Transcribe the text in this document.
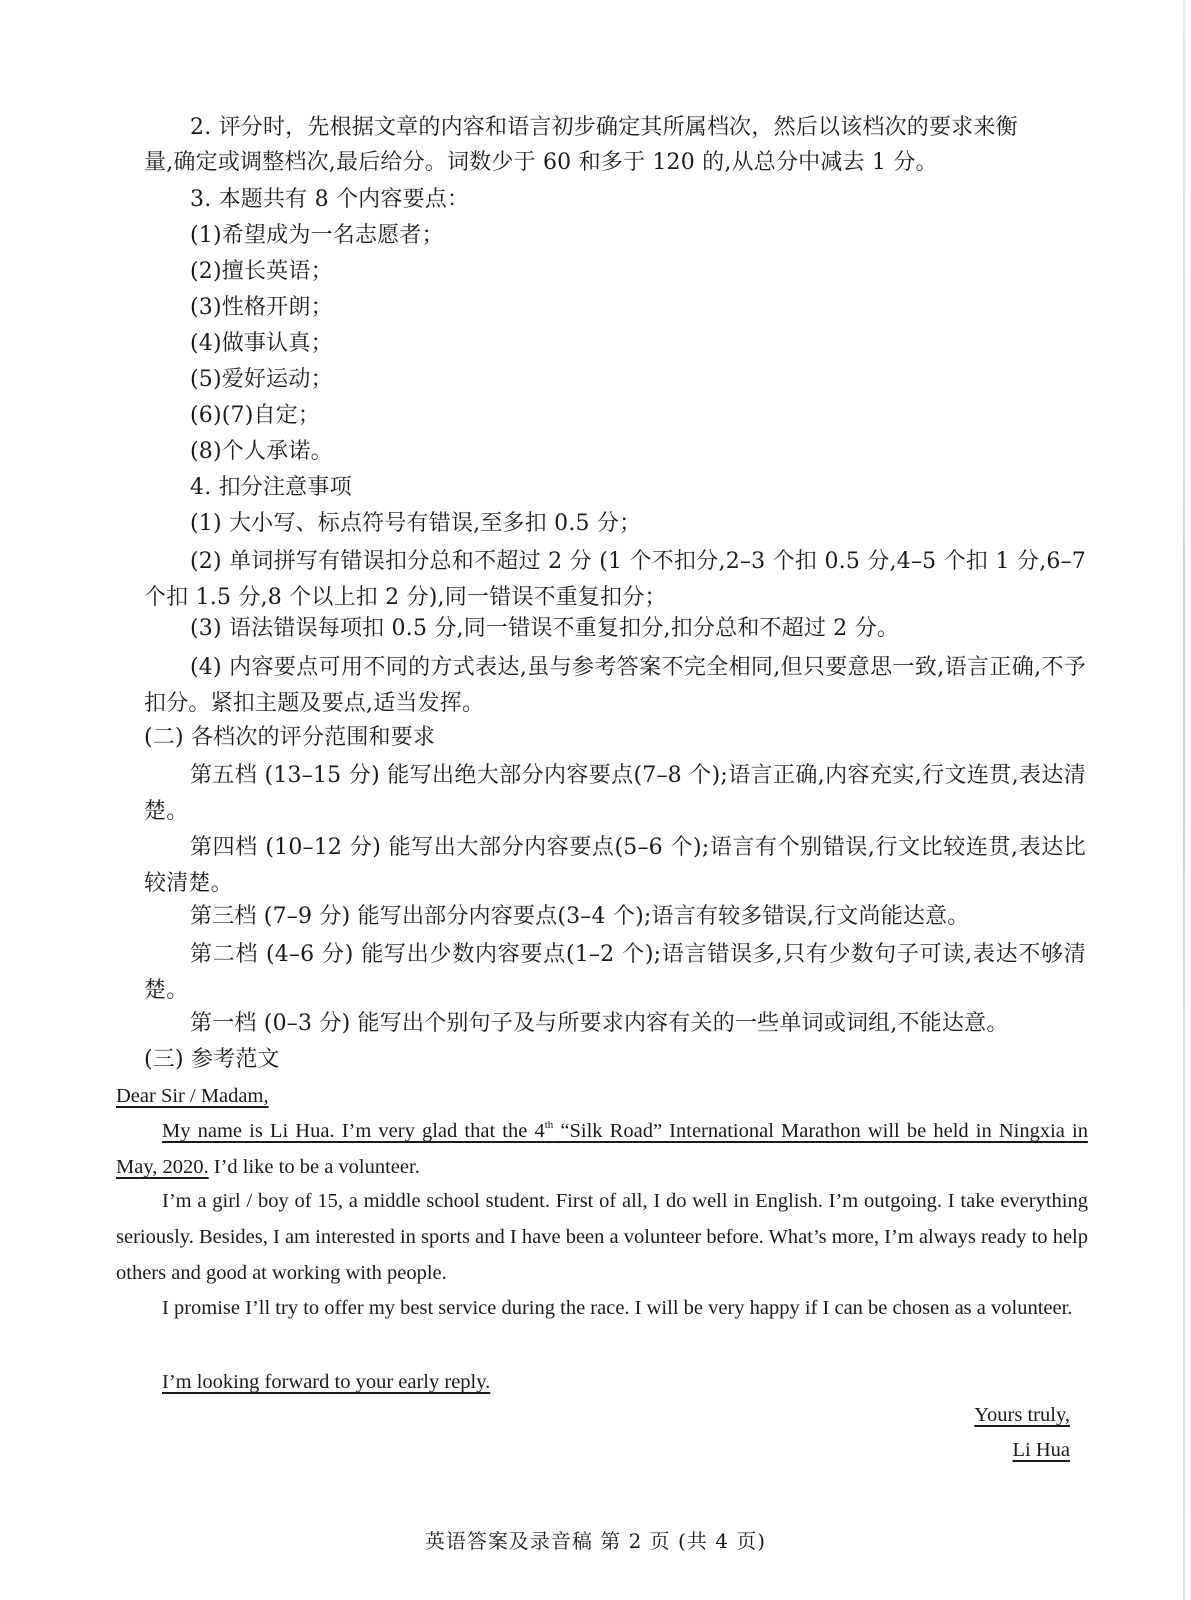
2. 评分时，先根据文章的内容和语言初步确定其所属档次，然后以该档次的要求来衡
量,确定或调整档次,最后给分。词数少于 60 和多于 120 的,从总分中减去 1 分。
3. 本题共有 8 个内容要点：
(1)希望成为一名志愿者；
(2)擅长英语；
(3)性格开朗；
(4)做事认真；
(5)爱好运动；
(6)(7)自定；
(8)个人承诺。
4. 扣分注意事项
(1) 大小写、标点符号有错误,至多扣 0.5 分；
(2) 单词拼写有错误扣分总和不超过 2 分 (1 个不扣分,2–3 个扣 0.5 分,4–5 个扣 1 分,6–7 个扣 1.5 分,8 个以上扣 2 分),同一错误不重复扣分；
(3) 语法错误每项扣 0.5 分,同一错误不重复扣分,扣分总和不超过 2 分。
(4) 内容要点可用不同的方式表达,虽与参考答案不完全相同,但只要意思一致,语言正确,不予扣分。紧扣主题及要点,适当发挥。
(二) 各档次的评分范围和要求
第五档 (13–15 分) 能写出绝大部分内容要点(7–8 个);语言正确,内容充实,行文连贯,表达清楚。
第四档 (10–12 分) 能写出大部分内容要点(5–6 个);语言有个别错误,行文比较连贯,表达比较清楚。
第三档 (7–9 分) 能写出部分内容要点(3–4 个);语言有较多错误,行文尚能达意。
第二档 (4–6 分) 能写出少数内容要点(1–2 个);语言错误多,只有少数句子可读,表达不够清楚。
第一档 (0–3 分) 能写出个别句子及与所要求内容有关的一些单词或词组,不能达意。
(三) 参考范文
Dear Sir / Madam,
My name is Li Hua. I’m very glad that the 4th “Silk Road” International Marathon will be held in Ningxia in May, 2020. I’d like to be a volunteer.
I’m a girl / boy of 15, a middle school student. First of all, I do well in English. I’m outgoing. I take everything seriously. Besides, I am interested in sports and I have been a volunteer before. What’s more, I’m always ready to help others and good at working with people.
I promise I’ll try to offer my best service during the race. I will be very happy if I can be chosen as a volunteer.
I’m looking forward to your early reply.
Yours truly,
Li Hua
英语答案及录音稿 第 2 页 (共 4 页)
